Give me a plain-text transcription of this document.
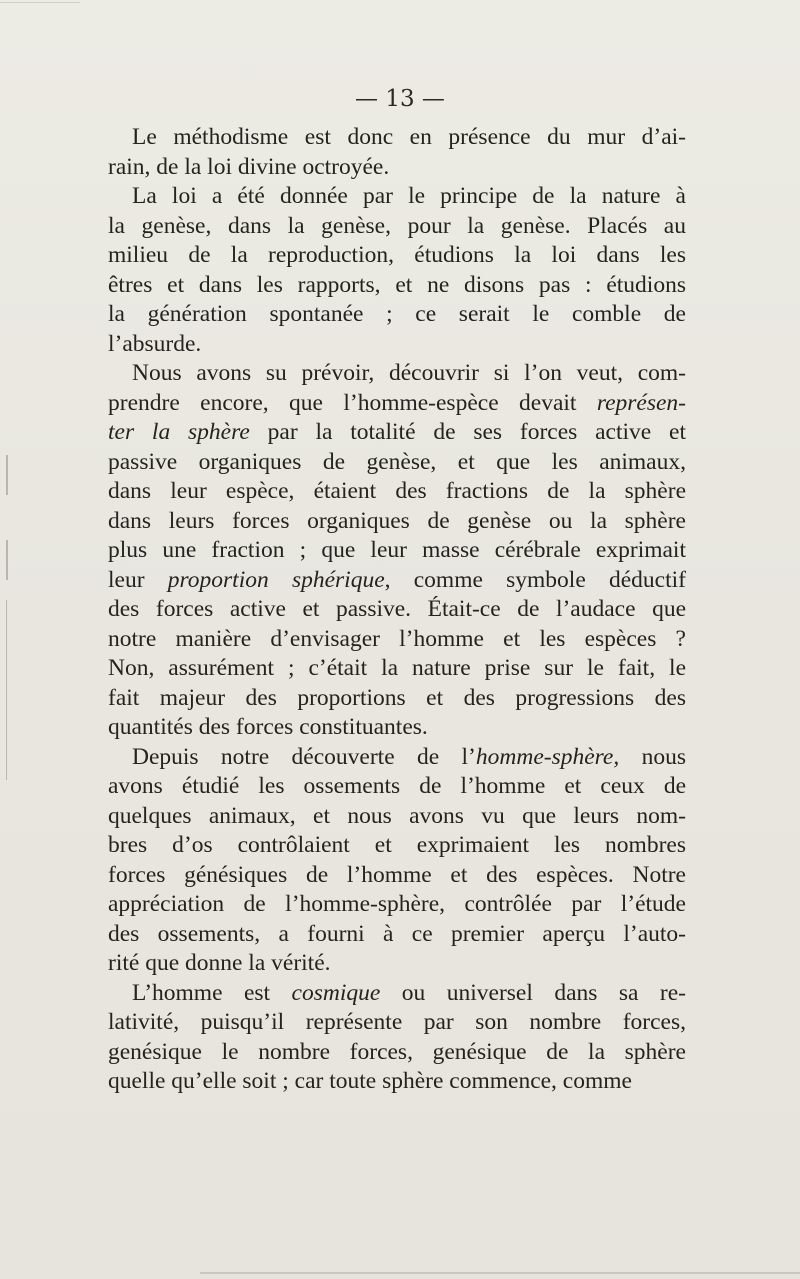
— 13 —
Le méthodisme est donc en présence du mur d’ai-
rain, de la loi divine octroyée.
La loi a été donnée par le principe de la nature à
la genèse, dans la genèse, pour la genèse. Placés au
milieu de la reproduction, étudions la loi dans les
êtres et dans les rapports, et ne disons pas : étudions
la génération spontanée ; ce serait le comble de
l’absurde.
Nous avons su prévoir, découvrir si l’on veut, com-
prendre encore, que l’homme-espèce devait représen-
ter la sphère par la totalité de ses forces active et
passive organiques de genèse, et que les animaux,
dans leur espèce, étaient des fractions de la sphère
dans leurs forces organiques de genèse ou la sphère
plus une fraction ; que leur masse cérébrale exprimait
leur proportion sphérique, comme symbole déductif
des forces active et passive. Était-ce de l’audace que
notre manière d’envisager l’homme et les espèces ?
Non, assurément ; c’était la nature prise sur le fait, le
fait majeur des proportions et des progressions des
quantités des forces constituantes.
Depuis notre découverte de l’homme-sphère, nous
avons étudié les ossements de l’homme et ceux de
quelques animaux, et nous avons vu que leurs nom-
bres d’os contrôlaient et exprimaient les nombres
forces génésiques de l’homme et des espèces. Notre
appréciation de l’homme-sphère, contrôlée par l’étude
des ossements, a fourni à ce premier aperçu l’auto-
rité que donne la vérité.
L’homme est cosmique ou universel dans sa re-
lativité, puisqu’il représente par son nombre forces,
genésique le nombre forces, genésique de la sphère
quelle qu’elle soit ; car toute sphère commence, comme
